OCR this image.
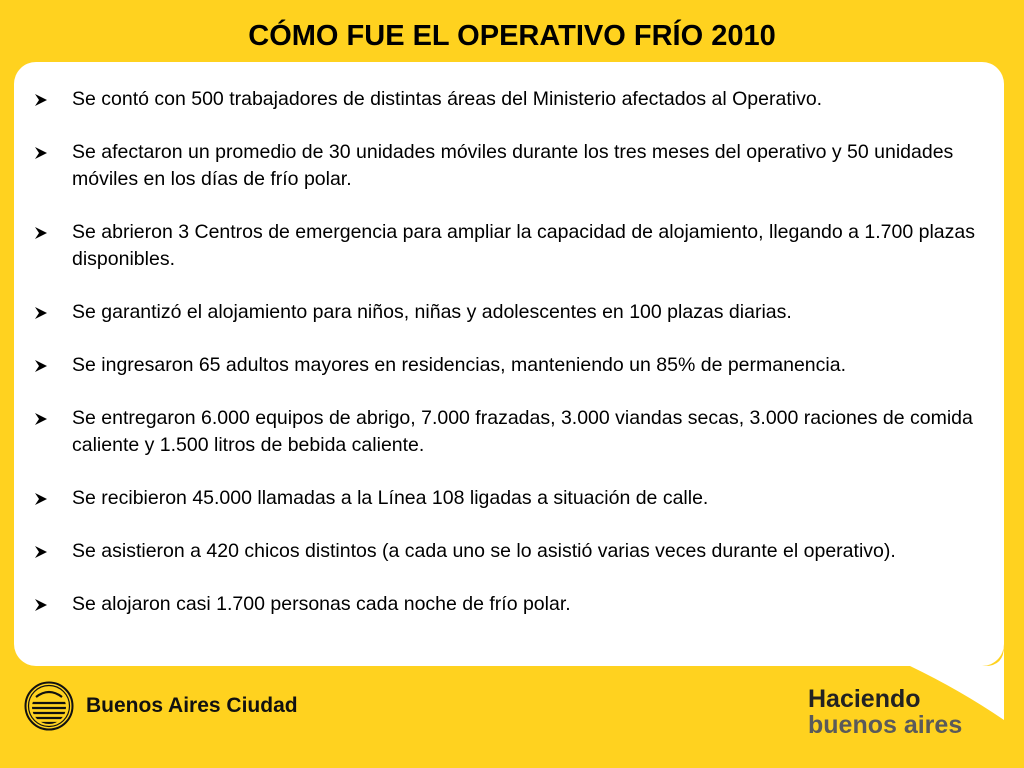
CÓMO FUE EL OPERATIVO FRÍO 2010
Se contó con 500 trabajadores de distintas áreas del Ministerio afectados al Operativo.
Se afectaron un promedio de 30 unidades móviles durante los tres meses del operativo y 50 unidades móviles en los días de frío polar.
Se abrieron 3 Centros de emergencia para ampliar la capacidad de alojamiento, llegando a 1.700 plazas disponibles.
Se garantizó el alojamiento para niños, niñas y adolescentes en 100 plazas diarias.
Se ingresaron 65 adultos mayores en residencias, manteniendo un 85% de permanencia.
Se entregaron 6.000 equipos de abrigo, 7.000 frazadas, 3.000 viandas secas, 3.000 raciones de comida caliente y 1.500 litros de bebida caliente.
Se recibieron 45.000 llamadas a la Línea 108 ligadas a situación de calle.
Se asistieron a 420 chicos distintos (a cada uno se lo asistió varias veces durante el operativo).
Se alojaron casi 1.700 personas cada noche de frío polar.
Buenos Aires Ciudad	Haciendo
buenos aires
